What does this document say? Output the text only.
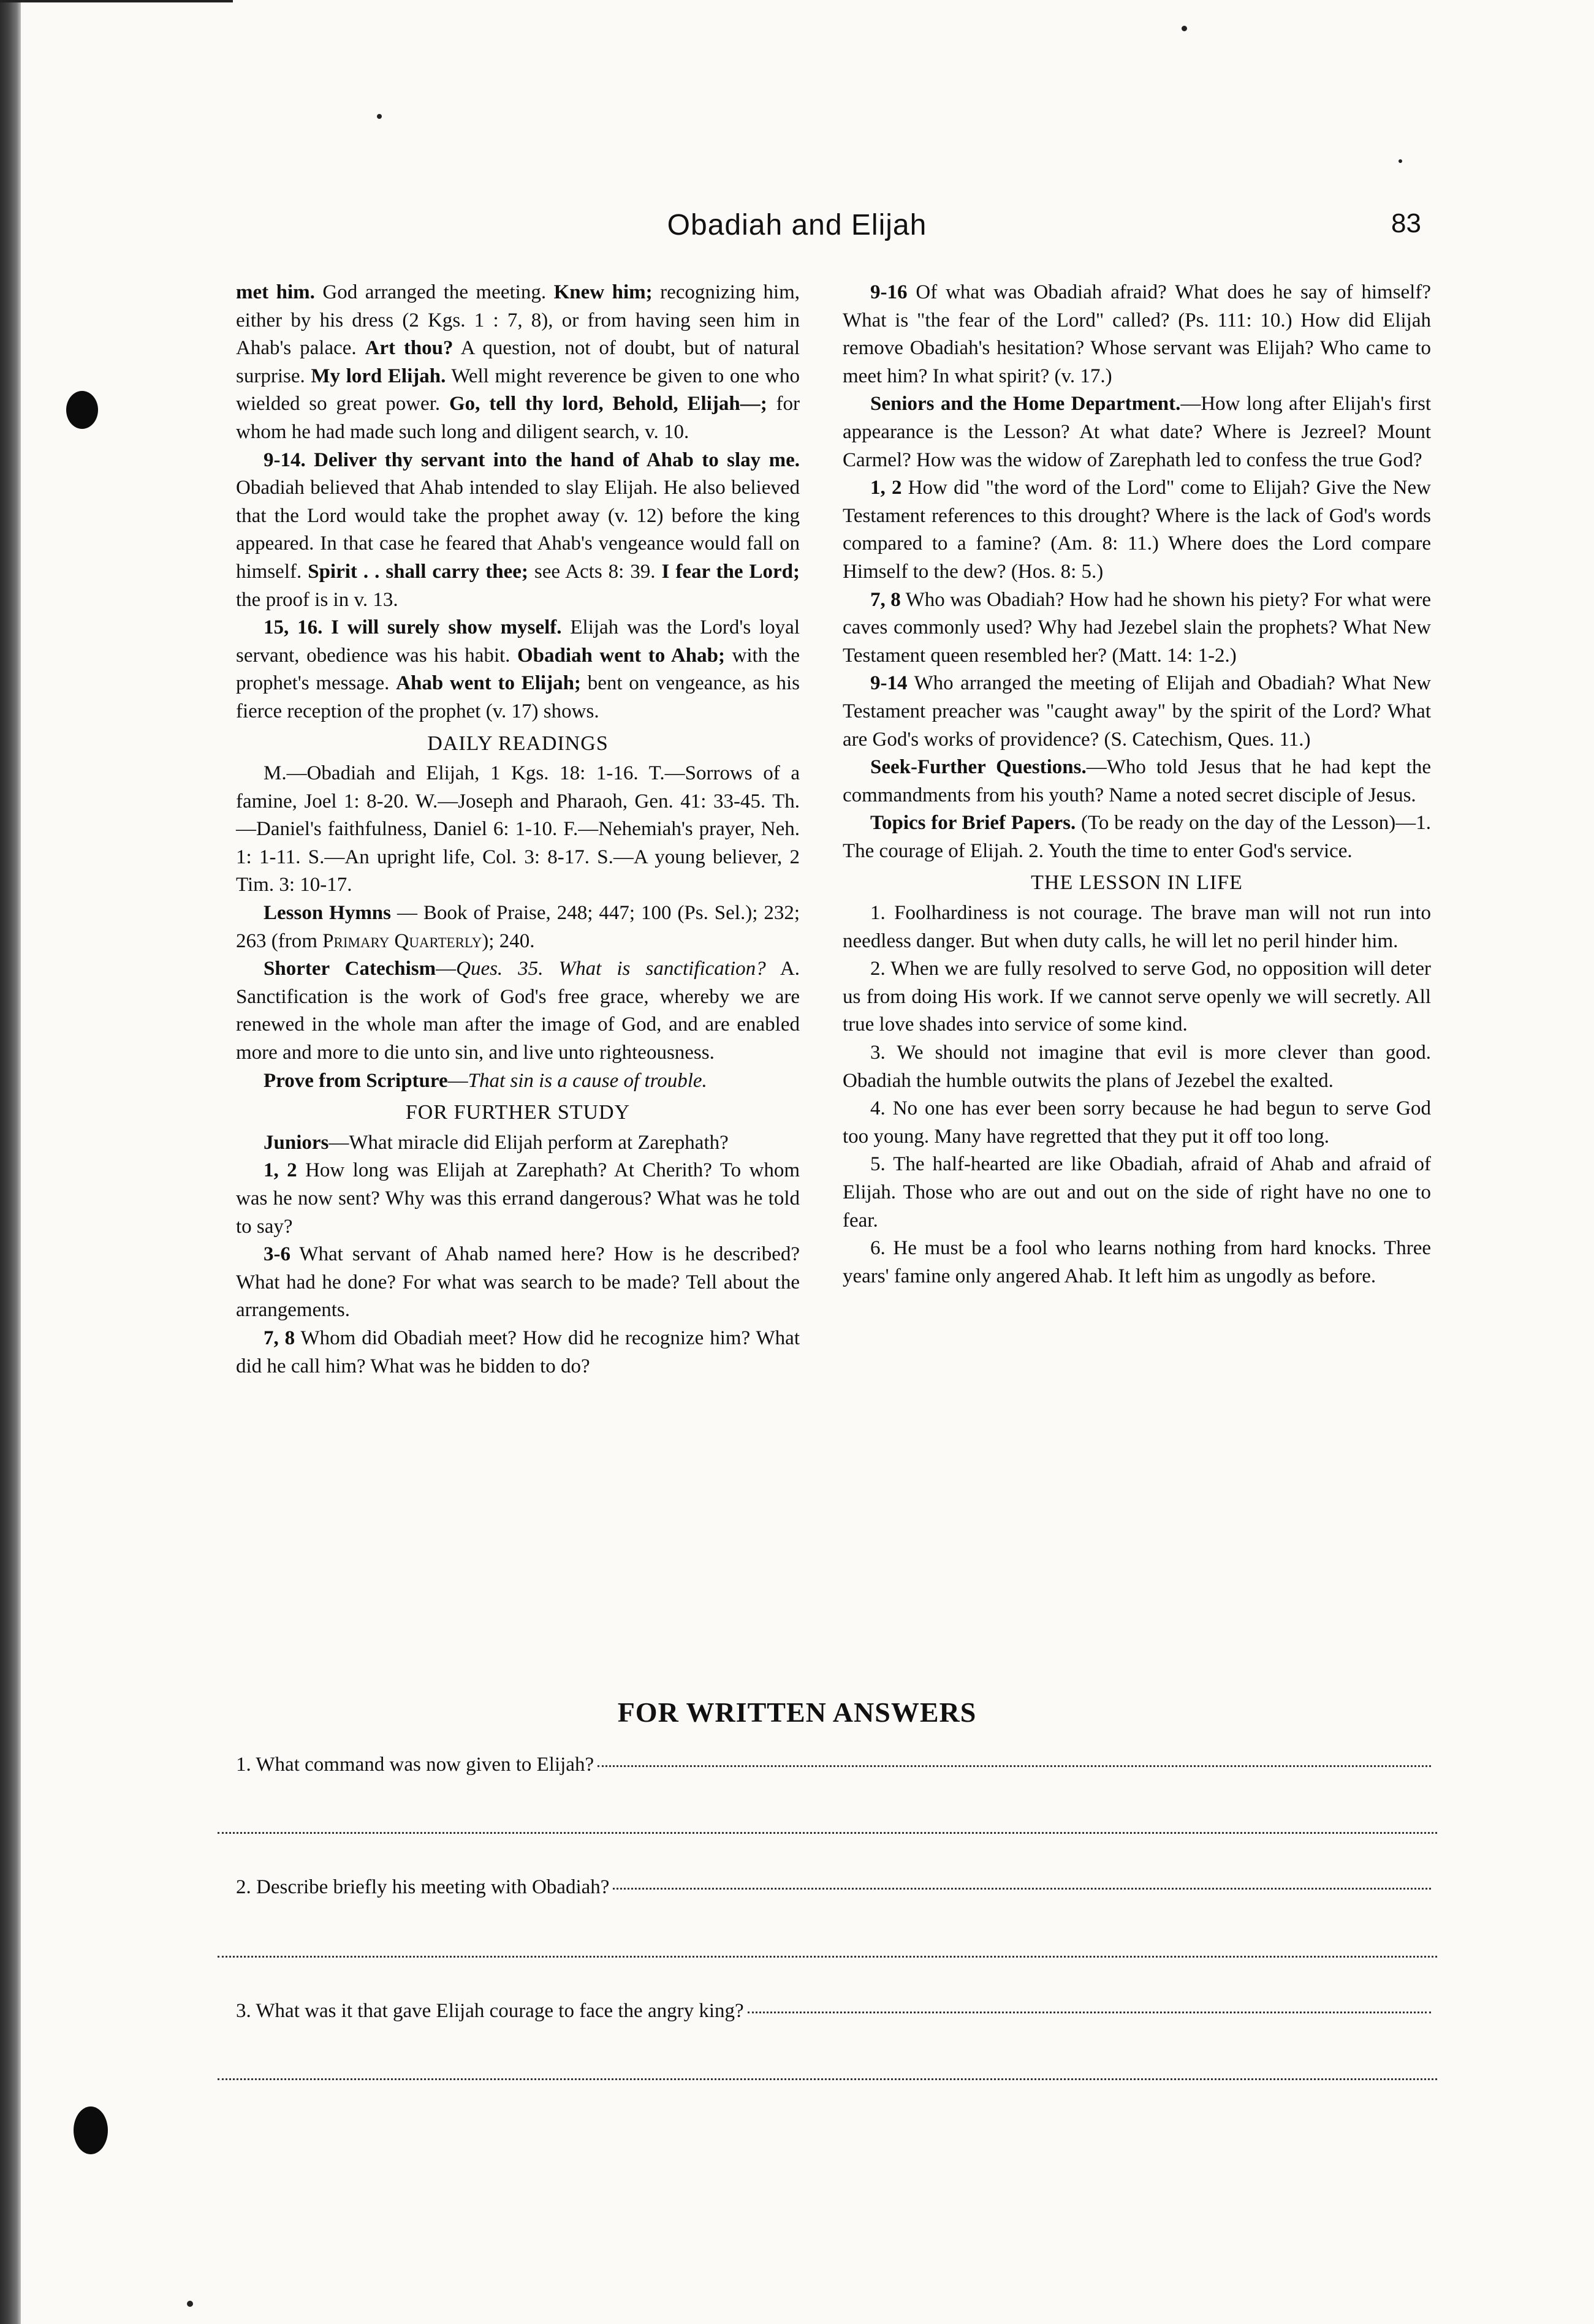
Obadiah and Elijah	83

met him. God arranged the meeting. Knew him; recognizing him, either by his dress (2 Kgs. 1 : 7, 8), or from having seen him in Ahab's palace. Art thou? A question, not of doubt, but of natural surprise. My lord Elijah. Well might reverence be given to one who wielded so great power. Go, tell thy lord, Behold, Elijah—; for whom he had made such long and diligent search, v. 10.

9-14. Deliver thy servant into the hand of Ahab to slay me. Obadiah believed that Ahab intended to slay Elijah. He also believed that the Lord would take the prophet away (v. 12) before the king appeared. In that case he feared that Ahab's vengeance would fall on himself. Spirit . . shall carry thee; see Acts 8: 39. I fear the Lord; the proof is in v. 13.

15, 16. I will surely show myself. Elijah was the Lord's loyal servant, obedience was his habit. Obadiah went to Ahab; with the prophet's message. Ahab went to Elijah; bent on vengeance, as his fierce reception of the prophet (v. 17) shows.

DAILY READINGS

M.—Obadiah and Elijah, 1 Kgs. 18: 1-16. T.—Sorrows of a famine, Joel 1: 8-20. W.—Joseph and Pharaoh, Gen. 41: 33-45. Th.—Daniel's faithfulness, Daniel 6: 1-10. F.—Nehemiah's prayer, Neh. 1: 1-11. S.—An upright life, Col. 3: 8-17. S.—A young believer, 2 Tim. 3: 10-17.

Lesson Hymns — Book of Praise, 248; 447; 100 (Ps. Sel.); 232; 263 (from Primary Quarterly); 240.

Shorter Catechism—Ques. 35. What is sanctification? A. Sanctification is the work of God's free grace, whereby we are renewed in the whole man after the image of God, and are enabled more and more to die unto sin, and live unto righteousness.

Prove from Scripture—That sin is a cause of trouble.

FOR FURTHER STUDY

Juniors—What miracle did Elijah perform at Zarephath?

1, 2 How long was Elijah at Zarephath? At Cherith? To whom was he now sent? Why was this errand dangerous? What was he told to say?

3-6 What servant of Ahab named here? How is he described? What had he done? For what was search to be made? Tell about the arrangements.

7, 8 Whom did Obadiah meet? How did he recognize him? What did he call him? What was he bidden to do?

9-16 Of what was Obadiah afraid? What does he say of himself? What is "the fear of the Lord" called? (Ps. 111: 10.) How did Elijah remove Obadiah's hesitation? Whose servant was Elijah? Who came to meet him? In what spirit? (v. 17.)

Seniors and the Home Department.—How long after Elijah's first appearance is the Lesson? At what date? Where is Jezreel? Mount Carmel? How was the widow of Zarephath led to confess the true God?

1, 2 How did "the word of the Lord" come to Elijah? Give the New Testament references to this drought? Where is the lack of God's words compared to a famine? (Am. 8: 11.) Where does the Lord compare Himself to the dew? (Hos. 8: 5.)

7, 8 Who was Obadiah? How had he shown his piety? For what were caves commonly used? Why had Jezebel slain the prophets? What New Testament queen resembled her? (Matt. 14: 1-2.)

9-14 Who arranged the meeting of Elijah and Obadiah? What New Testament preacher was "caught away" by the spirit of the Lord? What are God's works of providence? (S. Catechism, Ques. 11.)

Seek-Further Questions.—Who told Jesus that he had kept the commandments from his youth? Name a noted secret disciple of Jesus.

Topics for Brief Papers. (To be ready on the day of the Lesson)—1. The courage of Elijah. 2. Youth the time to enter God's service.

THE LESSON IN LIFE

1. Foolhardiness is not courage. The brave man will not run into needless danger. But when duty calls, he will let no peril hinder him.

2. When we are fully resolved to serve God, no opposition will deter us from doing His work. If we cannot serve openly we will secretly. All true love shades into service of some kind.

3. We should not imagine that evil is more clever than good. Obadiah the humble outwits the plans of Jezebel the exalted.

4. No one has ever been sorry because he had begun to serve God too young. Many have regretted that they put it off too long.

5. The half-hearted are like Obadiah, afraid of Ahab and afraid of Elijah. Those who are out and out on the side of right have no one to fear.

6. He must be a fool who learns nothing from hard knocks. Three years' famine only angered Ahab. It left him as ungodly as before.

FOR WRITTEN ANSWERS
1. What command was now given to Elijah?
2. Describe briefly his meeting with Obadiah?
3. What was it that gave Elijah courage to face the angry king?
